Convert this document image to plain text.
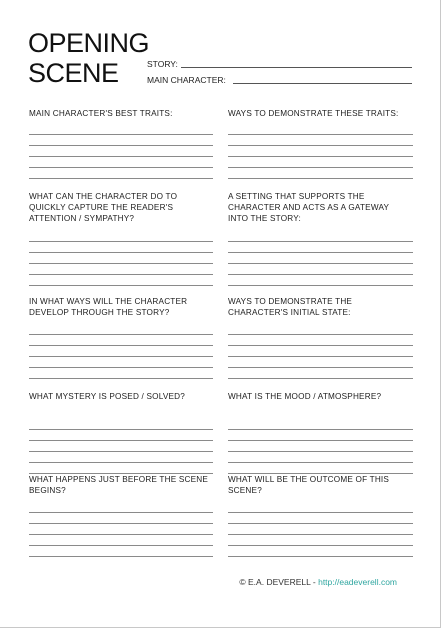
OPENING
SCENE	STORY:
MAIN CHARACTER:
MAIN CHARACTER'S BEST TRAITS:	WAYS TO DEMONSTRATE THESE TRAITS:
WHAT CAN THE CHARACTER DO TO
QUICKLY CAPTURE THE READER'S
ATTENTION / SYMPATHY?
A SETTING THAT SUPPORTS THE
CHARACTER AND ACTS AS A GATEWAY
INTO THE STORY:
IN WHAT WAYS WILL THE CHARACTER
DEVELOP THROUGH THE STORY?
WAYS TO DEMONSTRATE THE
CHARACTER'S INITIAL STATE:
WHAT MYSTERY IS POSED / SOLVED?	WHAT IS THE MOOD / ATMOSPHERE?
WHAT HAPPENS JUST BEFORE THE SCENE
BEGINS?
WHAT WILL BE THE OUTCOME OF THIS
SCENE?
© E.A. DEVERELL - http://eadeverell.com
